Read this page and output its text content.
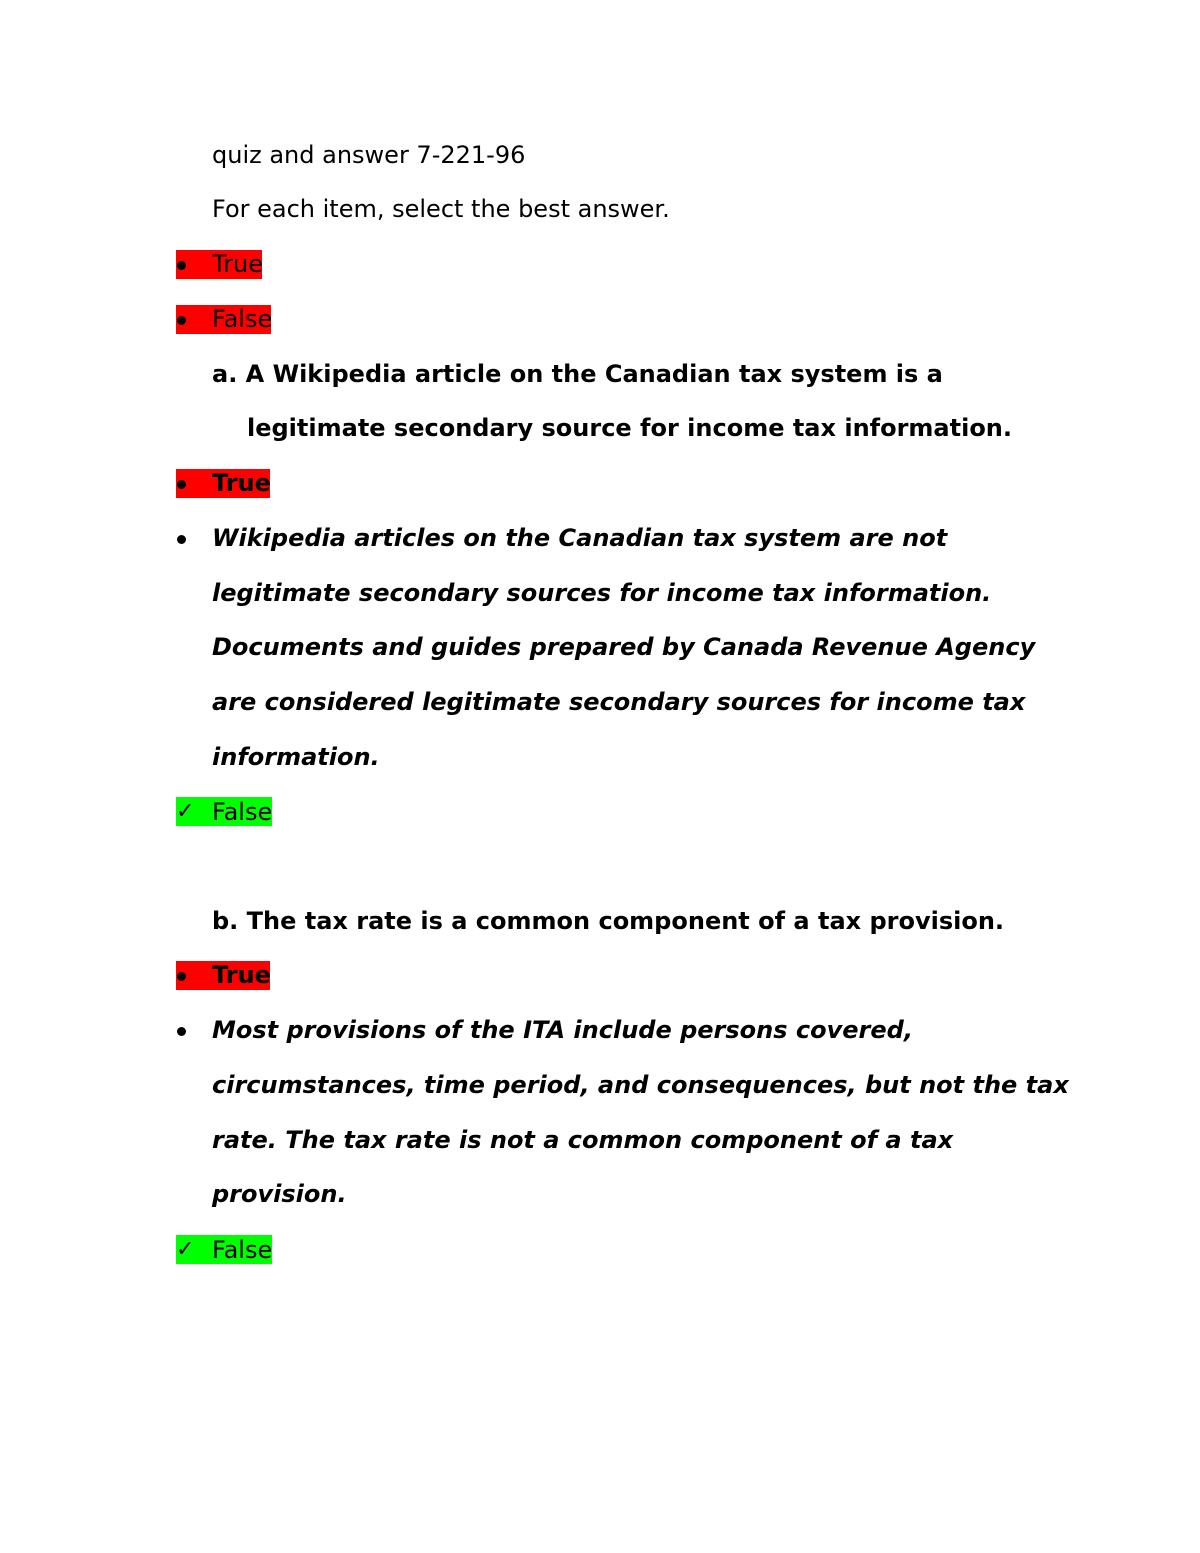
quiz and answer 7-221-96
For each item, select the best answer.
True
False
a. A Wikipedia article on the Canadian tax system is a
legitimate secondary source for income tax information.
True
Wikipedia articles on the Canadian tax system are not
legitimate secondary sources for income tax information.
Documents and guides prepared by Canada Revenue Agency
are considered legitimate secondary sources for income tax
information.
✓ False
b. The tax rate is a common component of a tax provision.
True
Most provisions of the ITA include persons covered,
circumstances, time period, and consequences, but not the tax
rate. The tax rate is not a common component of a tax
provision.
✓ False
